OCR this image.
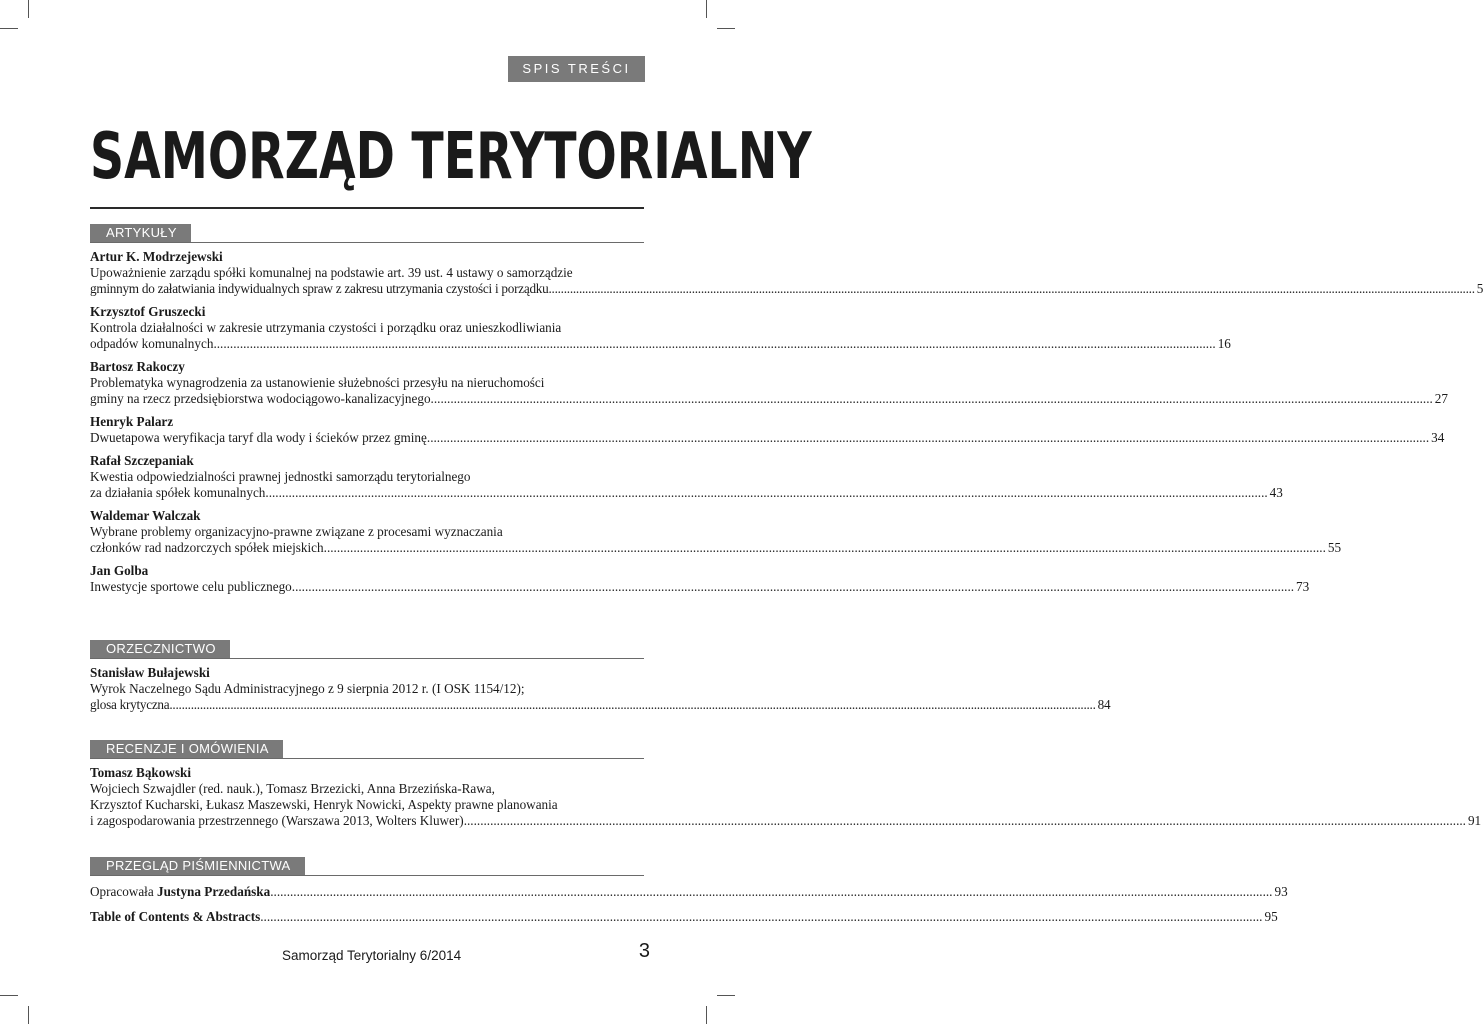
SPIS TREŚCI
SAMORZĄD TERYTORIALNY
ARTYKUŁY
Artur K. Modrzejewski
Upoważnienie zarządu spółki komunalnej na podstawie art. 39 ust. 4 ustawy o samorządzie
gminnym do załatwiania indywidualnych spraw z zakresu utrzymania czystości i porządku .....	5
Krzysztof Gruszecki
Kontrola działalności w zakresie utrzymania czystości i porządku oraz unieszkodliwiania
odpadów komunalnych .....	16
Bartosz Rakoczy
Problematyka wynagrodzenia za ustanowienie służebności przesyłu na nieruchomości
gminy na rzecz przedsiębiorstwa wodociągowo-kanalizacyjnego .....	27
Henryk Palarz
Dwuetapowa weryfikacja taryf dla wody i ścieków przez gminę .....	34
Rafał Szczepaniak
Kwestia odpowiedzialności prawnej jednostki samorządu terytorialnego
za działania spółek komunalnych .....	43
Waldemar Walczak
Wybrane problemy organizacyjno-prawne związane z procesami wyznaczania
członków rad nadzorczych spółek miejskich .....	55
Jan Golba
Inwestycje sportowe celu publicznego .....	73
ORZECZNICTWO
Stanisław Bułajewski
Wyrok Naczelnego Sądu Administracyjnego z 9 sierpnia 2012 r. (I OSK 1154/12);
glosa krytyczna .....	84
RECENZJE I OMÓWIENIA
Tomasz Bąkowski
Wojciech Szwajdler (red. nauk.), Tomasz Brzezicki, Anna Brzezińska-Rawa,
Krzysztof Kucharski, Łukasz Maszewski, Henryk Nowicki, Aspekty prawne planowania
i zagospodarowania przestrzennego (Warszawa 2013, Wolters Kluwer) .....	91
PRZEGLĄD PIŚMIENNICTWA
Opracowała Justyna Przedańska .....	93
Table of Contents & Abstracts .....	95
Samorząd Terytorialny 6/2014	3
